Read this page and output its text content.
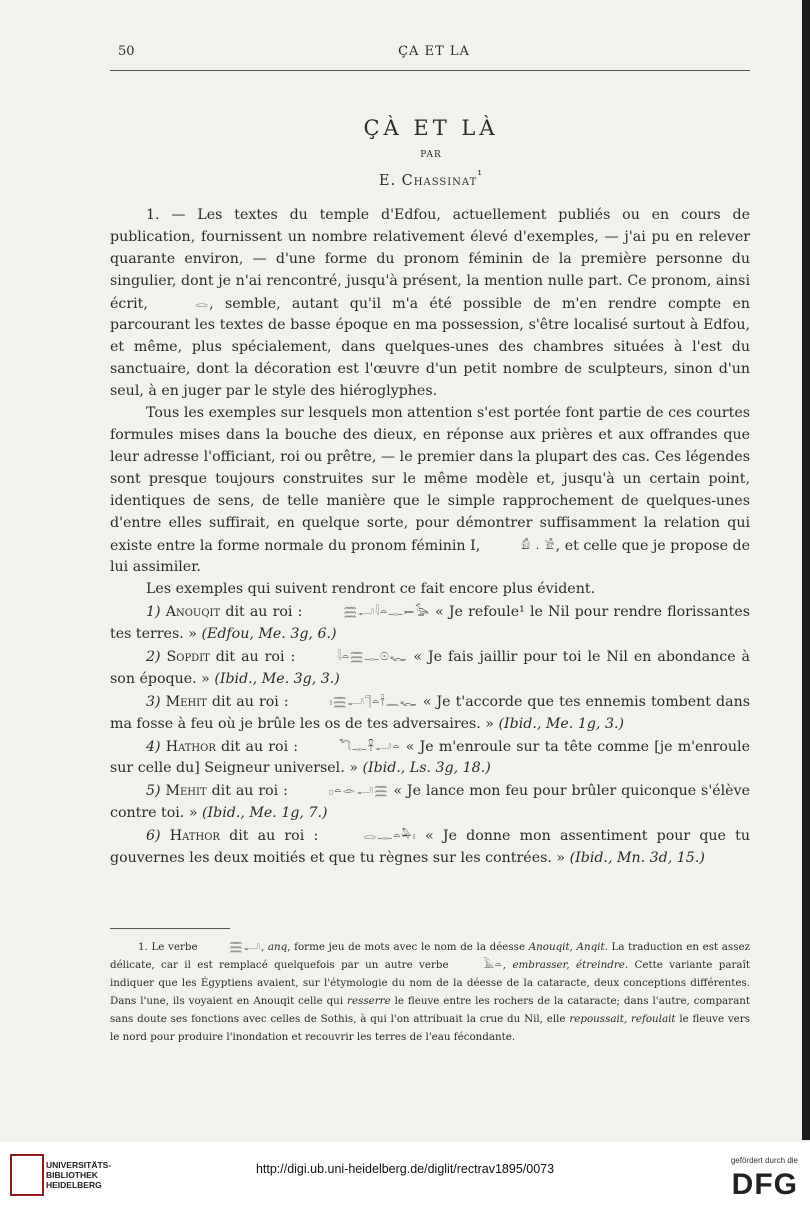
50	ÇA ET LA
ÇÀ ET LÀ
PAR
E. Chassinat$^{^1}$

1. — Les textes du temple d'Edfou, actuellement publiés ou en cours de publication, fournissent un nombre relativement élevé d'exemples, — j'ai pu en relever quarante environ, — d'une forme du pronom féminin de la première personne du singulier, dont je n'ai rencontré, jusqu'à présent, la mention nulle part. Ce pronom, ainsi écrit,	𓂋, semble, autant qu'il m'a été possible de m'en rendre compte en parcourant les textes de basse époque en ma possession, s'être localisé surtout à Edfou, et même, plus spécialement, dans quelques-unes des chambres situées à l'est du sanctuaire, dont la décoration est l'œuvre d'un petit nombre de sculpteurs, sinon d'un seul, à en juger par le style des hiéroglyphes.

Tous les exemples sur lesquels mon attention s'est portée font partie de ces courtes formules mises dans la bouche des dieux, en réponse aux prières et aux offrandes que leur adresse l'officiant, roi ou prêtre, — le premier dans la plupart des cas. Ces légendes sont presque toujours construites sur le même modèle et, jusqu'à un certain point, identiques de sens, de telle manière que le simple rapprochement de quelques-unes d'entre elles suffirait, en quelque sorte, pour démontrer suffisamment la relation qui existe entre la forme normale du pronom féminin I,	𓀁 . 𓀀, et celle que je propose de lui assimiler.

Les exemples qui suivent rendront ce fait encore plus évident.

1) Anouqit dit au roi :	𓈗𓂝𓇋𓏏𓊃𓍿𓅭 « Je refoule¹ le Nil pour rendre florissantes tes terres. » (Edfou, Me. 3g, 6.)

2) Sopdit dit au roi :	𓇋𓏏𓈗𓊃𓇳𓆑 « Je fais jaillir pour toi le Nil en abondance à son époque. » (Ibid., Me. 3g, 3.)

3) Mehit dit au roi :	𓏤𓈗𓂝𓊹𓏏𓌂𓈖𓆑 « Je t'accorde que tes ennemis tombent dans ma fosse à feu où je brûle les os de tes adversaires. » (Ibid., Me. 1g, 3.)

4) Hathor dit au roi :	𓆓𓊃𓋹𓂝𓏏 « Je m'enroule sur ta tête comme [je m'enroule sur celle du] Seigneur universel. » (Ibid., Ls. 3g, 18.)

5) Mehit dit au roi :	𓊪𓏏𓁹𓂝𓈗 « Je lance mon feu pour brûler quiconque s'élève contre toi. » (Ibid., Me. 1g, 7.)

6) Hathor dit au roi :	𓂋𓊃𓏏𓅆𓏤 « Je donne mon assentiment pour que tu gouvernes les deux moitiés et que tu règnes sur les contrées. » (Ibid., Mn. 3d, 15.)

1. Le verbe	𓈗𓂝, anq, forme jeu de mots avec le nom de la déesse Anouqit, Anqit. La traduction en est assez délicate, car il est remplacé quelquefois par un autre verbe	𓄿𓏏, embrasser, étreindre. Cette variante paraît indiquer que les Égyptiens avaient, sur l'étymologie du nom de la déesse de la cataracte, deux conceptions différentes. Dans l'une, ils voyaient en Anouqit celle qui resserre le fleuve entre les rochers de la cataracte; dans l'autre, comparant sans doute ses fonctions avec celles de Sothis, à qui l'on attribuait la crue du Nil, elle repoussait, refoulait le fleuve vers le nord pour produire l'inondation et recouvrir les terres de l'eau fécondante.

UNIVERSITÄTS-
BIBLIOTHEK
HEIDELBERG
http://digi.ub.uni-heidelberg.de/diglit/rectrav1895/0073
gefördert durch die
DFG
